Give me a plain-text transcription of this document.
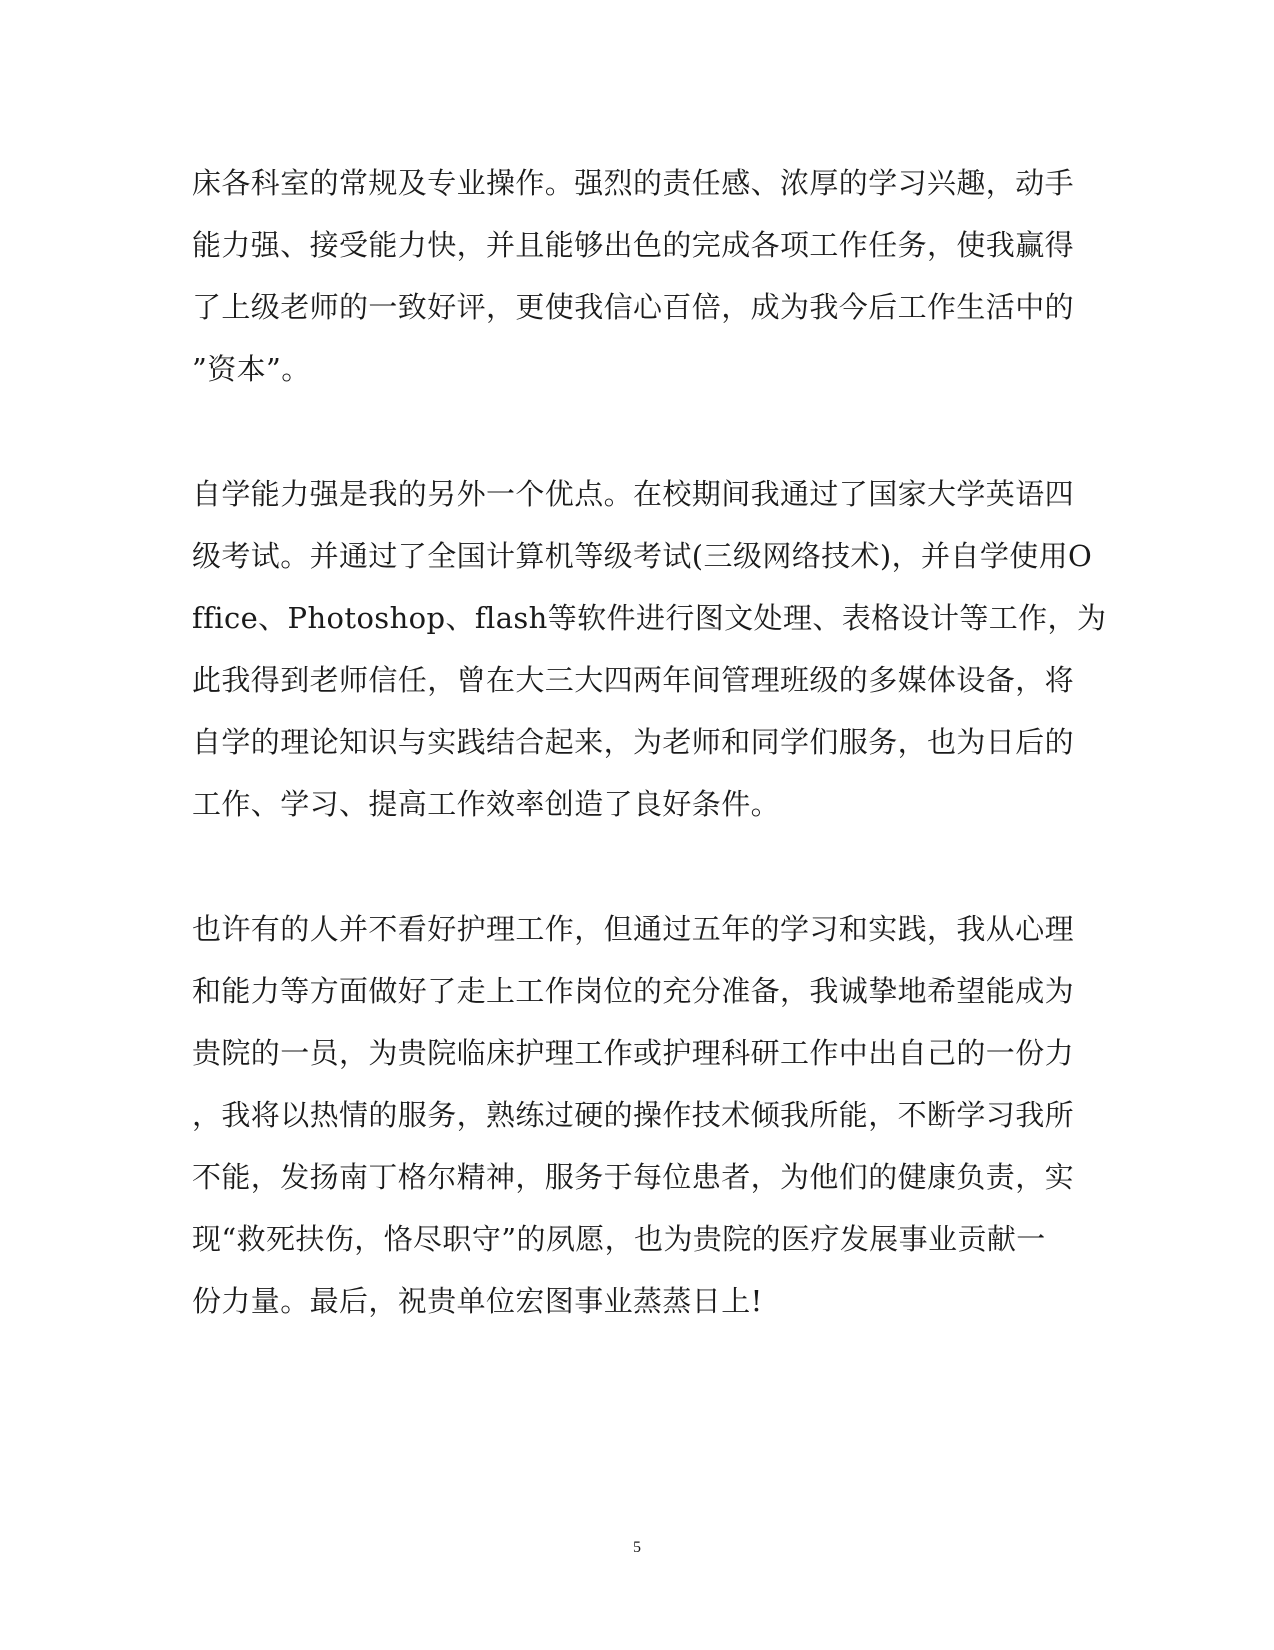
床各科室的常规及专业操作。强烈的责任感、浓厚的学习兴趣，动手
能力强、接受能力快，并且能够出色的完成各项工作任务，使我赢得
了上级老师的一致好评，更使我信心百倍，成为我今后工作生活中的
”资本”。
自学能力强是我的另外一个优点。在校期间我通过了国家大学英语四
级考试。并通过了全国计算机等级考试(三级网络技术)，并自学使用O
ffice、Photoshop、flash等软件进行图文处理、表格设计等工作，为
此我得到老师信任，曾在大三大四两年间管理班级的多媒体设备，将
自学的理论知识与实践结合起来，为老师和同学们服务，也为日后的
工作、学习、提高工作效率创造了良好条件。
也许有的人并不看好护理工作，但通过五年的学习和实践，我从心理
和能力等方面做好了走上工作岗位的充分准备，我诚挚地希望能成为
贵院的一员，为贵院临床护理工作或护理科研工作中出自己的一份力
，我将以热情的服务，熟练过硬的操作技术倾我所能，不断学习我所
不能，发扬南丁格尔精神，服务于每位患者，为他们的健康负责，实
现“救死扶伤，恪尽职守”的夙愿，也为贵院的医疗发展事业贡献一
份力量。最后，祝贵单位宏图事业蒸蒸日上!
5
